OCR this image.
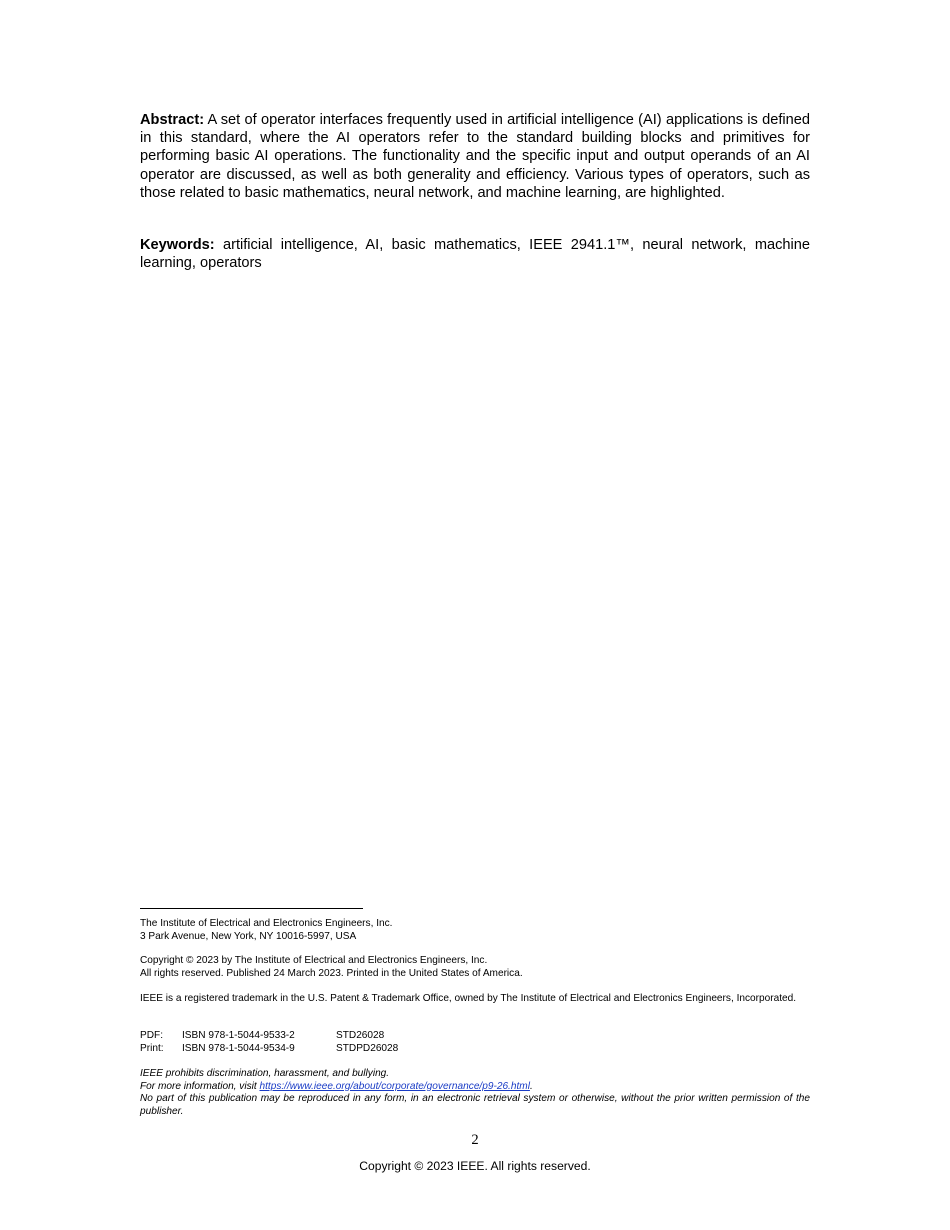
Abstract: A set of operator interfaces frequently used in artificial intelligence (AI) applications is defined in this standard, where the AI operators refer to the standard building blocks and primitives for performing basic AI operations. The functionality and the specific input and output operands of an AI operator are discussed, as well as both generality and efficiency. Various types of operators, such as those related to basic mathematics, neural network, and machine learning, are highlighted.

Keywords: artificial intelligence, AI, basic mathematics, IEEE 2941.1™, neural network, machine learning, operators

The Institute of Electrical and Electronics Engineers, Inc.
3 Park Avenue, New York, NY 10016-5997, USA
Copyright © 2023 by The Institute of Electrical and Electronics Engineers, Inc.
All rights reserved. Published 24 March 2023. Printed in the United States of America.
IEEE is a registered trademark in the U.S. Patent & Trademark Office, owned by The Institute of Electrical and Electronics Engineers, Incorporated.
PDF:	ISBN 978-1-5044-9533-2	STD26028
Print:	ISBN 978-1-5044-9534-9	STDPD26028
IEEE prohibits discrimination, harassment, and bullying.
For more information, visit https://www.ieee.org/about/corporate/governance/p9-26.html.
No part of this publication may be reproduced in any form, in an electronic retrieval system or otherwise, without the prior written permission of the publisher.
2
Copyright © 2023 IEEE. All rights reserved.
